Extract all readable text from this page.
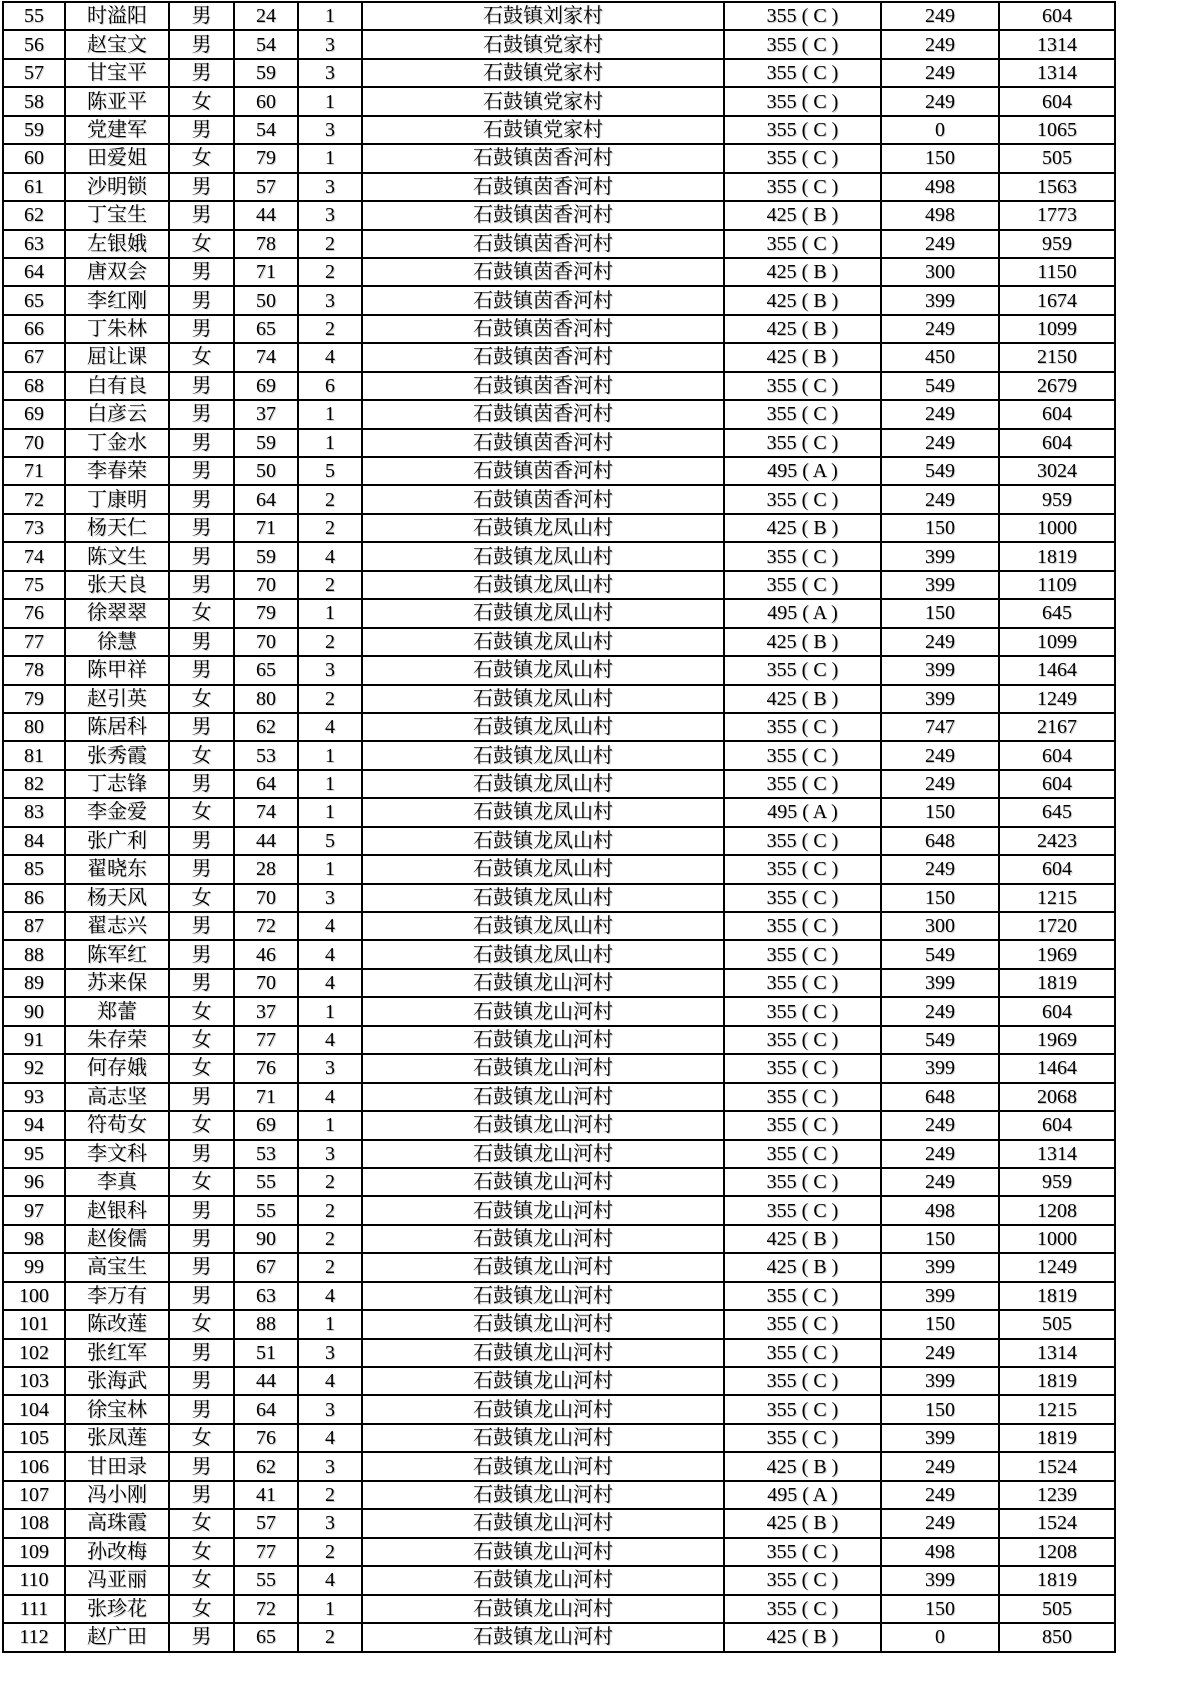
55	时溢阳	男	24	1	石鼓镇刘家村	355 ( C )	249	604
56	赵宝文	男	54	3	石鼓镇党家村	355 ( C )	249	1314
57	甘宝平	男	59	3	石鼓镇党家村	355 ( C )	249	1314
58	陈亚平	女	60	1	石鼓镇党家村	355 ( C )	249	604
59	党建军	男	54	3	石鼓镇党家村	355 ( C )	0	1065
60	田爱姐	女	79	1	石鼓镇茵香河村	355 ( C )	150	505
61	沙明锁	男	57	3	石鼓镇茵香河村	355 ( C )	498	1563
62	丁宝生	男	44	3	石鼓镇茵香河村	425 ( B )	498	1773
63	左银娥	女	78	2	石鼓镇茵香河村	355 ( C )	249	959
64	唐双会	男	71	2	石鼓镇茵香河村	425 ( B )	300	1150
65	李红刚	男	50	3	石鼓镇茵香河村	425 ( B )	399	1674
66	丁朱林	男	65	2	石鼓镇茵香河村	425 ( B )	249	1099
67	屈让课	女	74	4	石鼓镇茵香河村	425 ( B )	450	2150
68	白有良	男	69	6	石鼓镇茵香河村	355 ( C )	549	2679
69	白彦云	男	37	1	石鼓镇茵香河村	355 ( C )	249	604
70	丁金水	男	59	1	石鼓镇茵香河村	355 ( C )	249	604
71	李春荣	男	50	5	石鼓镇茵香河村	495 ( A )	549	3024
72	丁康明	男	64	2	石鼓镇茵香河村	355 ( C )	249	959
73	杨天仁	男	71	2	石鼓镇龙凤山村	425 ( B )	150	1000
74	陈文生	男	59	4	石鼓镇龙凤山村	355 ( C )	399	1819
75	张天良	男	70	2	石鼓镇龙凤山村	355 ( C )	399	1109
76	徐翠翠	女	79	1	石鼓镇龙凤山村	495 ( A )	150	645
77	徐慧	男	70	2	石鼓镇龙凤山村	425 ( B )	249	1099
78	陈甲祥	男	65	3	石鼓镇龙凤山村	355 ( C )	399	1464
79	赵引英	女	80	2	石鼓镇龙凤山村	425 ( B )	399	1249
80	陈居科	男	62	4	石鼓镇龙凤山村	355 ( C )	747	2167
81	张秀霞	女	53	1	石鼓镇龙凤山村	355 ( C )	249	604
82	丁志锋	男	64	1	石鼓镇龙凤山村	355 ( C )	249	604
83	李金爱	女	74	1	石鼓镇龙凤山村	495 ( A )	150	645
84	张广利	男	44	5	石鼓镇龙凤山村	355 ( C )	648	2423
85	翟晓东	男	28	1	石鼓镇龙凤山村	355 ( C )	249	604
86	杨天风	女	70	3	石鼓镇龙凤山村	355 ( C )	150	1215
87	翟志兴	男	72	4	石鼓镇龙凤山村	355 ( C )	300	1720
88	陈军红	男	46	4	石鼓镇龙凤山村	355 ( C )	549	1969
89	苏来保	男	70	4	石鼓镇龙山河村	355 ( C )	399	1819
90	郑蕾	女	37	1	石鼓镇龙山河村	355 ( C )	249	604
91	朱存荣	女	77	4	石鼓镇龙山河村	355 ( C )	549	1969
92	何存娥	女	76	3	石鼓镇龙山河村	355 ( C )	399	1464
93	高志坚	男	71	4	石鼓镇龙山河村	355 ( C )	648	2068
94	符苟女	女	69	1	石鼓镇龙山河村	355 ( C )	249	604
95	李文科	男	53	3	石鼓镇龙山河村	355 ( C )	249	1314
96	李真	女	55	2	石鼓镇龙山河村	355 ( C )	249	959
97	赵银科	男	55	2	石鼓镇龙山河村	355 ( C )	498	1208
98	赵俊儒	男	90	2	石鼓镇龙山河村	425 ( B )	150	1000
99	高宝生	男	67	2	石鼓镇龙山河村	425 ( B )	399	1249
100	李万有	男	63	4	石鼓镇龙山河村	355 ( C )	399	1819
101	陈改莲	女	88	1	石鼓镇龙山河村	355 ( C )	150	505
102	张红军	男	51	3	石鼓镇龙山河村	355 ( C )	249	1314
103	张海武	男	44	4	石鼓镇龙山河村	355 ( C )	399	1819
104	徐宝林	男	64	3	石鼓镇龙山河村	355 ( C )	150	1215
105	张凤莲	女	76	4	石鼓镇龙山河村	355 ( C )	399	1819
106	甘田录	男	62	3	石鼓镇龙山河村	425 ( B )	249	1524
107	冯小刚	男	41	2	石鼓镇龙山河村	495 ( A )	249	1239
108	高珠霞	女	57	3	石鼓镇龙山河村	425 ( B )	249	1524
109	孙改梅	女	77	2	石鼓镇龙山河村	355 ( C )	498	1208
110	冯亚丽	女	55	4	石鼓镇龙山河村	355 ( C )	399	1819
111	张珍花	女	72	1	石鼓镇龙山河村	355 ( C )	150	505
112	赵广田	男	65	2	石鼓镇龙山河村	425 ( B )	0	850
